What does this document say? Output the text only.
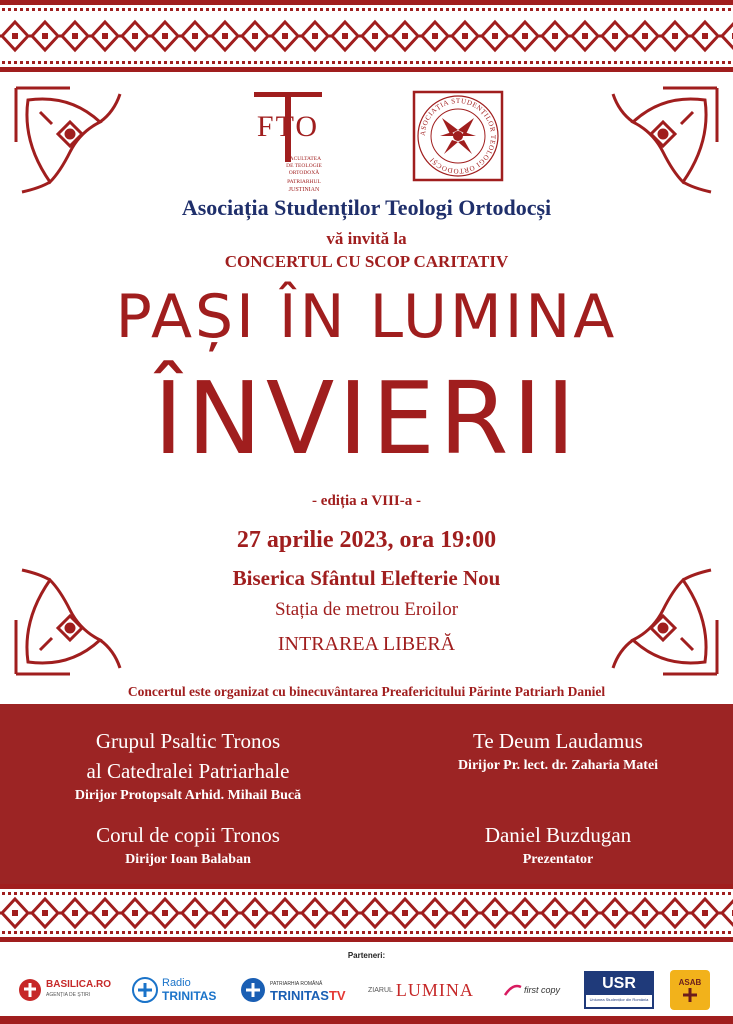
FTO
FACULTATEA
DE TEOLOGIE
ORTODOXĂ
PATRIARHUL
JUSTINIAN
ASOCIAȚIA STUDENȚILOR TEOLOGI ORTODOCȘI
Asociația Studenților Teologi Ortodocși
vă invită la
CONCERTUL CU SCOP CARITATIV
PAȘI ÎN LUMINA
ÎNVIERII
- ediția a VIII-a -
27 aprilie 2023, ora 19:00
Biserica Sfântul Elefterie Nou
Stația de metrou Eroilor
INTRAREA LIBERĂ
Concertul este organizat cu binecuvântarea Preafericitului Părinte Patriarh Daniel
Grupul Psaltic Tronos
al Catedralei Patriarhale
Dirijor Protopsalt Arhid. Mihail Bucă
Te Deum Laudamus
Dirijor Pr. lect. dr. Zaharia Matei
Corul de copii Tronos
Dirijor Ioan Balaban
Daniel Buzdugan
Prezentator
Parteneri:
BASILICA.RO
AGENȚIA DE ȘTIRI
Radio
TRINITAS
PATRIARHIA ROMÂNĂ
TRINITASTV	ZIARUL LUMINA	first copy	USR
Uniunea Studenților din România
ASAB
